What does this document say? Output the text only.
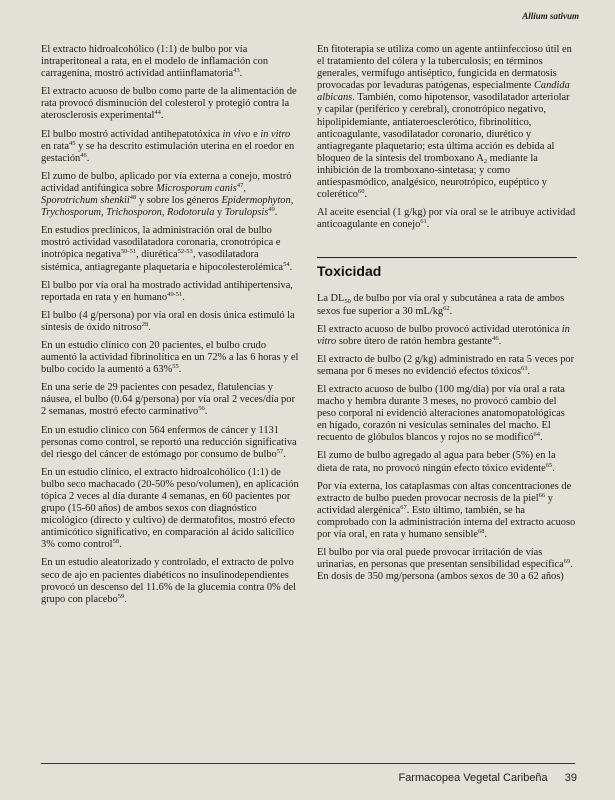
Allium sativum

El extracto hidroalcohólico (1:1) de bulbo por vía intraperitoneal a rata, en el modelo de inflamación con carragenina, mostró actividad antiinflamatoria$^{43}$.

El extracto acuoso de bulbo como parte de la alimentación de rata provocó disminución del colesterol y protegió contra la aterosclerosis experimental$^{44}$.

El bulbo mostró actividad antihepatotóxica in vivo e in vitro en rata$^{45}$ y se ha descrito estimulación uterina en el roedor en gestación$^{46}$.

El zumo de bulbo, aplicado por vía externa a conejo, mostró actividad antifúngica sobre Microsporum canis$^{47}$, Sporotrichum shenkii$^{48}$ y sobre los géneros Epidermophyton, Trychosporum, Trichosporon, Rodotorula y Torulopsis$^{49}$.

En estudios preclínicos, la administración oral de bulbo mostró actividad vasodilatadora coronaria, cronotrópica e inotrópica negativa$^{50-51}$, diurética$^{52-53}$, vasodilatadora sistémica, antiagregante plaquetaria e hipocolesterolémica$^{54}$.

El bulbo por vía oral ha mostrado actividad antihipertensiva, reportada en rata y en humano$^{49-51}$.

El bulbo (4 g/persona) por vía oral en dosis única estimuló la síntesis de óxido nitroso$^{28}$.

En un estudio clínico con 20 pacientes, el bulbo crudo aumentó la actividad fibrinolítica en un 72% a las 6 horas y el bulbo cocido la aumentó a 63%$^{55}$.

En una serie de 29 pacientes con pesadez, flatulencias y náusea, el bulbo (0.64 g/persona) por vía oral 2 veces/día por 2 semanas, mostró efecto carminativo$^{56}$.

En un estudio clínico con 564 enfermos de cáncer y 1131 personas como control, se reportó una reducción significativa del riesgo del cáncer de estómago por consumo de bulbo$^{57}$.

En un estudio clínico, el extracto hidroalcohólico (1:1) de bulbo seco machacado (20-50% peso/volumen), en aplicación tópica 2 veces al día durante 4 semanas, en 60 pacientes por grupo (15-60 años) de ambos sexos con diagnóstico micológico (directo y cultivo) de dermatofitos, mostró efecto antimicótico significativo, en comparación al ácido salicílico 3% como control$^{58}$.

En un estudio aleatorizado y controlado, el extracto de polvo seco de ajo en pacientes diabéticos no insulinodependientes provocó un descenso del 11.6% de la glucemia contra 0% del grupo con placebo$^{59}$.

En fitoterapia se utiliza como un agente antiinfeccioso útil en el tratamiento del cólera y la tuberculosis; en términos generales, vermífugo antiséptico, fungicida en dermatosis provocadas por levaduras patógenas, especialmente Candida albicans. También, como hipotensor, vasodilatador arteriolar y capilar (periférico y cerebral), cronotrópico negativo, hipolipidemiante, antiateroesclerótico, fibrinolítico, anticoagulante, vasodilatador coronario, diurético y antiagregante plaquetario; esta última acción es debida al bloqueo de la síntesis del tromboxano $A_2$ mediante la inhibición de la tromboxano-sintetasa; y como antiespasmódico, analgésico, neurotrópico, eupéptico y colerético$^{60}$.

Al aceite esencial (1 g/kg) por vía oral se le atribuye actividad anticoagulante en conejo$^{61}$.

Toxicidad

La $DL_{50}$ de bulbo por vía oral y subcutánea a rata de ambos sexos fue superior a 30 $mL/kg^{62}$.

El extracto acuoso de bulbo provocó actividad uterotónica in vitro sobre útero de ratón hembra gestante$^{46}$.

El extracto de bulbo (2 g/kg) administrado en rata 5 veces por semana por 6 meses no evidenció efectos tóxicos$^{63}$.

El extracto acuoso de bulbo (100 mg/día) por vía oral a rata macho y hembra durante 3 meses, no provocó cambio del peso corporal ni evidenció alteraciones anatomopatológicas en hígado, corazón ni vesículas seminales del macho. El recuento de glóbulos blancos y rojos no se modificó$^{64}$.

El zumo de bulbo agregado al agua para beber (5%) en la dieta de rata, no provocó ningún efecto tóxico evidente$^{65}$.

Por vía externa, los cataplasmas con altas concentraciones de extracto de bulbo pueden provocar necrosis de la piel$^{66}$ y actividad alergénica$^{67}$. Esto último, también, se ha comprobado con la administración interna del extracto acuoso por vía oral, en rata y humano sensible$^{68}$.

El bulbo por vía oral puede provocar irritación de vías urinarias, en personas que presentan sensibilidad específica$^{69}$. En dosis de 350 mg/persona (ambos sexos de 30 a 62 años)

Farmacopea Vegetal Caribeña 39
